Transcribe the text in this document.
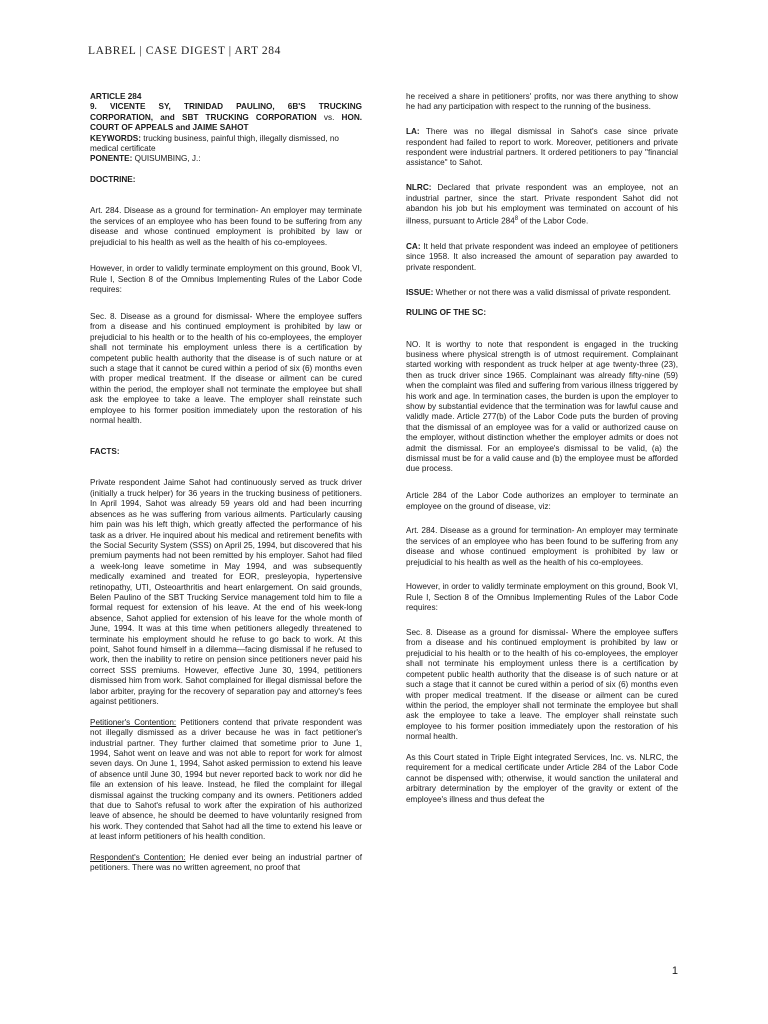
LABREL | CASE DIGEST | ART 284
ARTICLE 284
9. VICENTE SY, TRINIDAD PAULINO, 6B'S TRUCKING CORPORATION, and SBT TRUCKING CORPORATION vs. HON. COURT OF APPEALS and JAIME SAHOT
KEYWORDS: trucking business, painful thigh, illegally dismissed, no medical certificate
PONENTE: QUISUMBING, J.:
DOCTRINE:

Art. 284. Disease as a ground for termination- An employer may terminate the services of an employee who has been found to be suffering from any disease and whose continued employment is prohibited by law or prejudicial to his health as well as the health of his co-employees.

However, in order to validly terminate employment on this ground, Book VI, Rule I, Section 8 of the Omnibus Implementing Rules of the Labor Code requires:

Sec. 8. Disease as a ground for dismissal- Where the employee suffers from a disease and his continued employment is prohibited by law or prejudicial to his health or to the health of his co-employees, the employer shall not terminate his employment unless there is a certification by competent public health authority that the disease is of such nature or at such a stage that it cannot be cured within a period of six (6) months even with proper medical treatment. If the disease or ailment can be cured within the period, the employer shall not terminate the employee but shall ask the employee to take a leave. The employer shall reinstate such employee to his former position immediately upon the restoration of his normal health.

FACTS:

Private respondent Jaime Sahot had continuously served as truck driver (initially a truck helper) for 36 years in the trucking business of petitioners. In April 1994, Sahot was already 59 years old and had been incurring absences as he was suffering from various ailments. Particularly causing him pain was his left thigh, which greatly affected the performance of his task as a driver. He inquired about his medical and retirement benefits with the Social Security System (SSS) on April 25, 1994, but discovered that his premium payments had not been remitted by his employer. Sahot had filed a week-long leave sometime in May 1994, and was subsequently medically examined and treated for EOR, presleyopia, hypertensive retinopathy, UTI, Osteoarthritis and heart enlargement. On said grounds, Belen Paulino of the SBT Trucking Service management told him to file a formal request for extension of his leave. At the end of his week-long absence, Sahot applied for extension of his leave for the whole month of June, 1994. It was at this time when petitioners allegedly threatened to terminate his employment should he refuse to go back to work. At this point, Sahot found himself in a dilemma—facing dismissal if he refused to work, then the inability to retire on pension since petitioners never paid his correct SSS premiums. However, effective June 30, 1994, petitioners dismissed him from work. Sahot complained for illegal dismissal before the labor arbiter, praying for the recovery of separation pay and attorney's fees against petitioners.

Petitioner's Contention: Petitioners contend that private respondent was not illegally dismissed as a driver because he was in fact petitioner's industrial partner. They further claimed that sometime prior to June 1, 1994, Sahot went on leave and was not able to report for work for almost seven days. On June 1, 1994, Sahot asked permission to extend his leave of absence until June 30, 1994 but never reported back to work nor did he file an extension of his leave. Instead, he filed the complaint for illegal dismissal against the trucking company and its owners. Petitioners added that due to Sahot's refusal to work after the expiration of his authorized leave of absence, he should be deemed to have voluntarily resigned from his work. They contended that Sahot had all the time to extend his leave or at least inform petitioners of his health condition.

Respondent's Contention: He denied ever being an industrial partner of petitioners. There was no written agreement, no proof that

he received a share in petitioners' profits, nor was there anything to show he had any participation with respect to the running of the business.

LA: There was no illegal dismissal in Sahot's case since private respondent had failed to report to work. Moreover, petitioners and private respondent were industrial partners. It ordered petitioners to pay "financial assistance" to Sahot.

NLRC: Declared that private respondent was an employee, not an industrial partner, since the start. Private respondent Sahot did not abandon his job but his employment was terminated on account of his illness, pursuant to Article $284^8$ of the Labor Code.

CA: It held that private respondent was indeed an employee of petitioners since 1958. It also increased the amount of separation pay awarded to private respondent.

ISSUE: Whether or not there was a valid dismissal of private respondent.

RULING OF THE SC:

NO. It is worthy to note that respondent is engaged in the trucking business where physical strength is of utmost requirement. Complainant started working with respondent as truck helper at age twenty-three (23), then as truck driver since 1965. Complainant was already fifty-nine (59) when the complaint was filed and suffering from various illness triggered by his work and age. In termination cases, the burden is upon the employer to show by substantial evidence that the termination was for lawful cause and validly made. Article 277(b) of the Labor Code puts the burden of proving that the dismissal of an employee was for a valid or authorized cause on the employer, without distinction whether the employer admits or does not admit the dismissal. For an employee's dismissal to be valid, (a) the dismissal must be for a valid cause and (b) the employee must be afforded due process.

Article 284 of the Labor Code authorizes an employer to terminate an employee on the ground of disease, viz:

Art. 284. Disease as a ground for termination- An employer may terminate the services of an employee who has been found to be suffering from any disease and whose continued employment is prohibited by law or prejudicial to his health as well as the health of his co-employees.

However, in order to validly terminate employment on this ground, Book VI, Rule I, Section 8 of the Omnibus Implementing Rules of the Labor Code requires:

Sec. 8. Disease as a ground for dismissal- Where the employee suffers from a disease and his continued employment is prohibited by law or prejudicial to his health or to the health of his co-employees, the employer shall not terminate his employment unless there is a certification by competent public health authority that the disease is of such nature or at such a stage that it cannot be cured within a period of six (6) months even with proper medical treatment. If the disease or ailment can be cured within the period, the employer shall not terminate the employee but shall ask the employee to take a leave. The employer shall reinstate such employee to his former position immediately upon the restoration of his normal health.

As this Court stated in Triple Eight integrated Services, Inc. vs. NLRC, the requirement for a medical certificate under Article 284 of the Labor Code cannot be dispensed with; otherwise, it would sanction the unilateral and arbitrary determination by the employer of the gravity or extent of the employee's illness and thus defeat the

1
